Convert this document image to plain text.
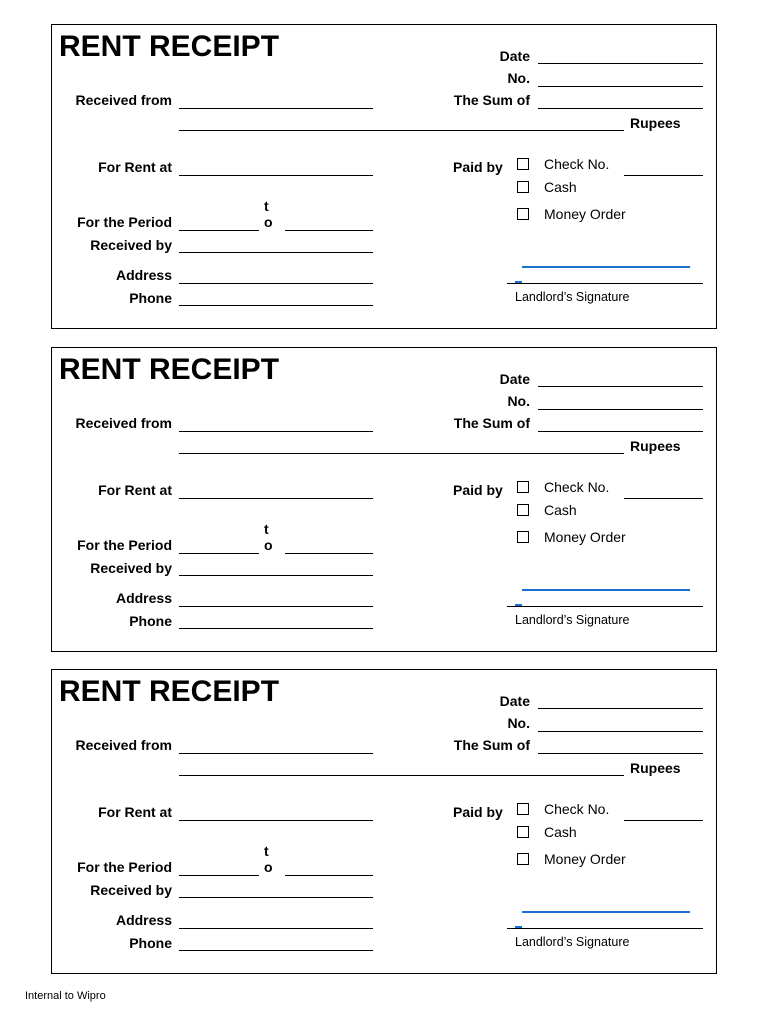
RENT RECEIPT	Date
No.
Received from	The Sum of
Rupees
For Rent at	Paid by	Check No.
Cash
Money Order
t
o
For the Period
Received by
Address
Phone	Landlord’s Signature
RENT RECEIPT	Date
No.
Received from	The Sum of
Rupees
For Rent at	Paid by	Check No.
Cash
Money Order
t
o
For the Period
Received by
Address
Phone	Landlord’s Signature
RENT RECEIPT	Date
No.
Received from	The Sum of
Rupees
For Rent at	Paid by	Check No.
Cash
Money Order
t
o
For the Period
Received by
Address
Phone	Landlord’s Signature
Internal to Wipro
